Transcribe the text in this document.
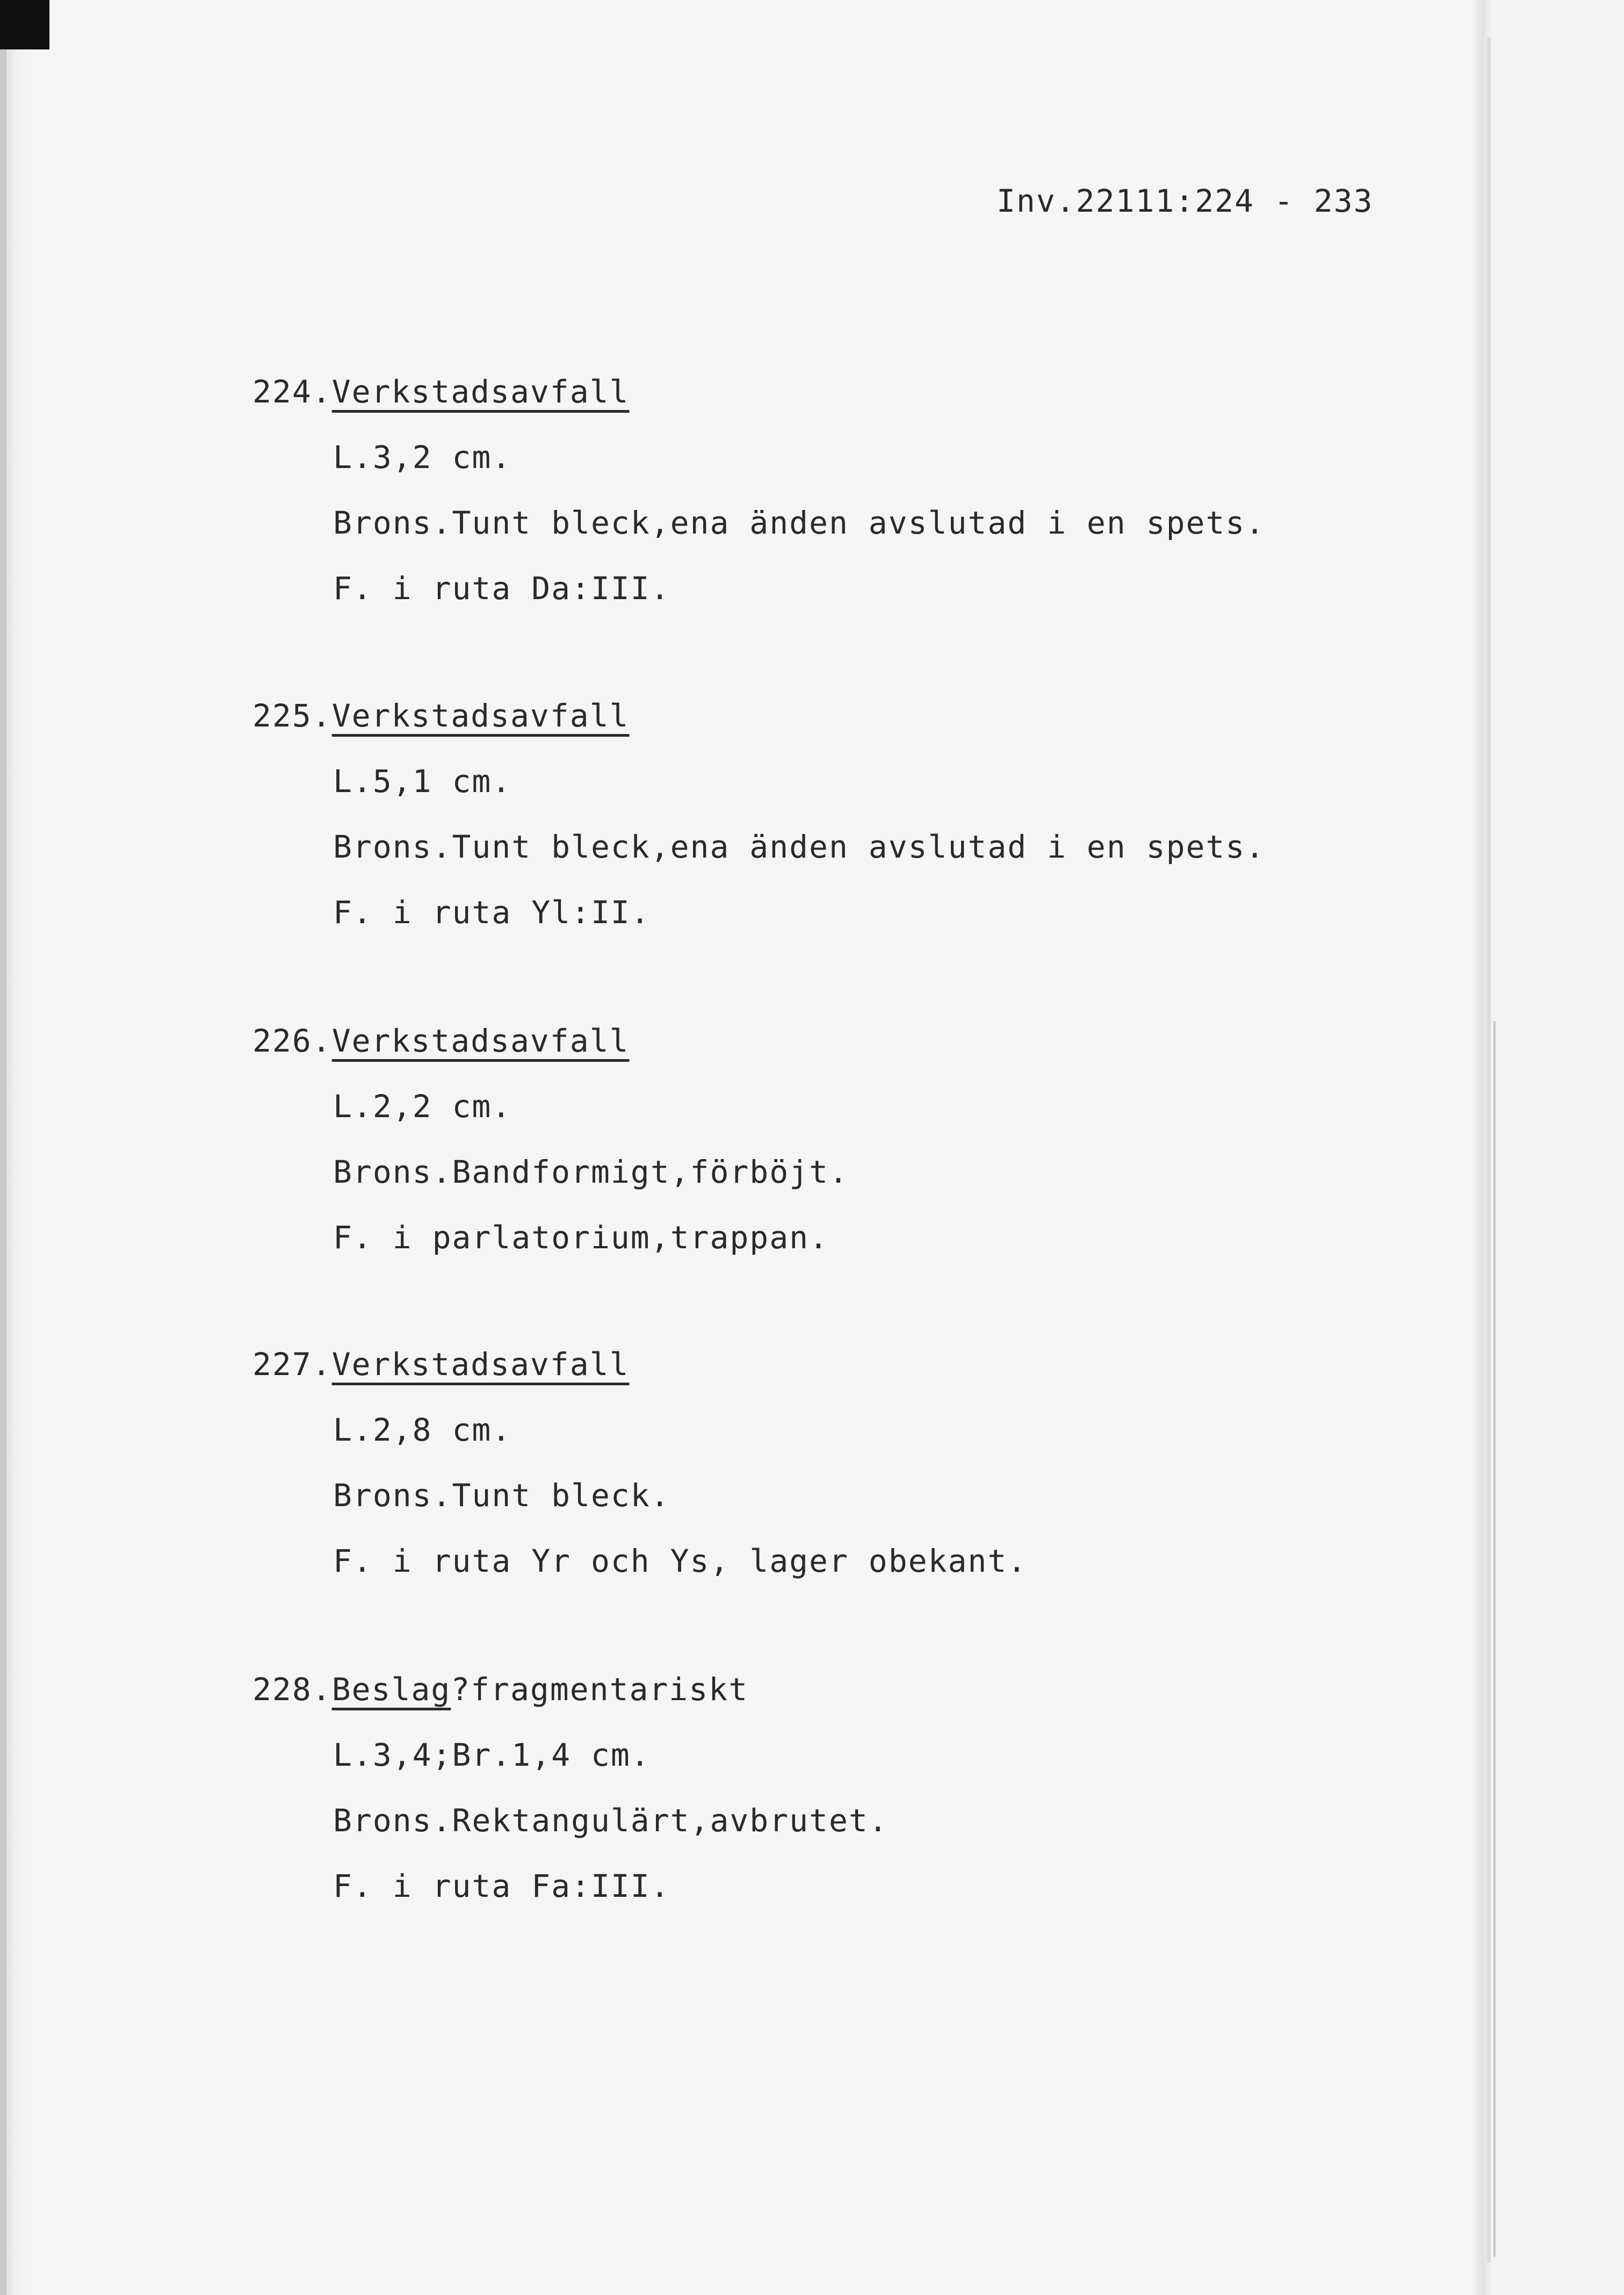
Inv.22111:224 - 233
224.Verkstadsavfall
L.3,2 cm.
Brons.Tunt bleck,ena änden avslutad i en spets.
F. i ruta Da:III.
225.Verkstadsavfall
L.5,1 cm.
Brons.Tunt bleck,ena änden avslutad i en spets.
F. i ruta Yl:II.
226.Verkstadsavfall
L.2,2 cm.
Brons.Bandformigt,förböjt.
F. i parlatorium,trappan.
227.Verkstadsavfall
L.2,8 cm.
Brons.Tunt bleck.
F. i ruta Yr och Ys, lager obekant.
228.Beslag?fragmentariskt
L.3,4;Br.1,4 cm.
Brons.Rektangulärt,avbrutet.
F. i ruta Fa:III.
